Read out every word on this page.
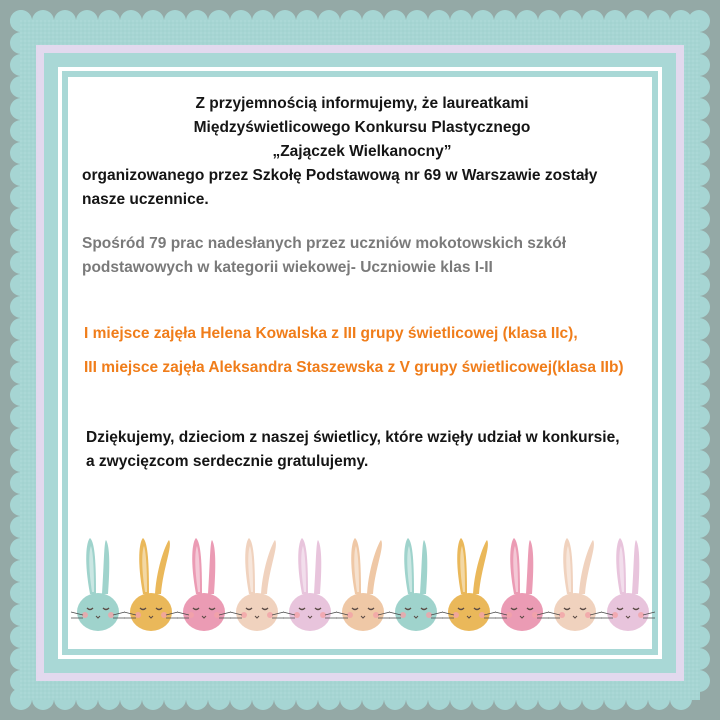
Z przyjemnością informujemy, że laureatkami

Międzyświetlicowego Konkursu Plastycznego

„Zajączek Wielkanocny”

organizowanego przez Szkołę Podstawową nr 69 w Warszawie zostały

nasze uczennice.

Spośród 79 prac nadesłanych przez uczniów mokotowskich szkół

podstawowych w kategorii wiekowej- Uczniowie klas I-II

I miejsce zajęła Helena Kowalska z III grupy świetlicowej (klasa IIc),

III miejsce zajęła Aleksandra Staszewska z V grupy świetlicowej(klasa IIb)

Dziękujemy, dzieciom z naszej świetlicy, które wzięły udział w konkursie,

a zwycięzcom serdecznie gratulujemy.
